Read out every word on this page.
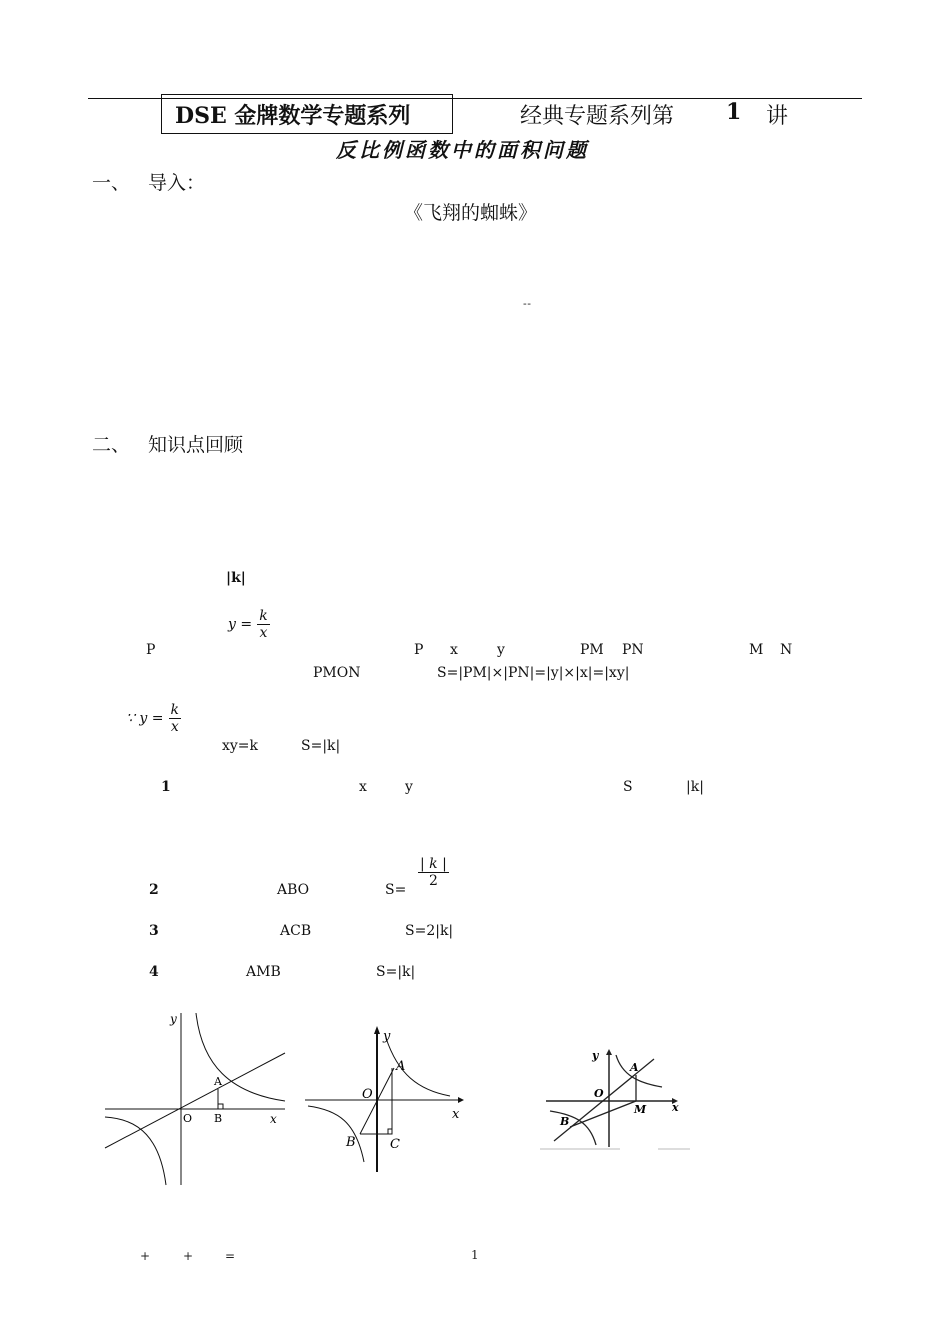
DSE 金牌数学专题系列	经典专题系列第 1 讲
反比例函数中的面积问题
一、 导入：
《飞翔的蜘蛛》
--
二、 知识点回顾
|k|
$y = \frac{k}{x}$
P	P x	y	PM PN	M N
PMON	S=|PM|×|PN|=|y|×|x|=|xy|
∵ $y = \frac{k}{x}$
xy=k	S=|k|
1	x	y	S	|k|
2	ABO	S=
$\frac{| k |}{2}$
3	ACB	S=2|k|
4	AMB	S=|k|
y
x
A
B
O
y
x
A
B	C
O
y
x
A
B
M
O
+	+	=	1
